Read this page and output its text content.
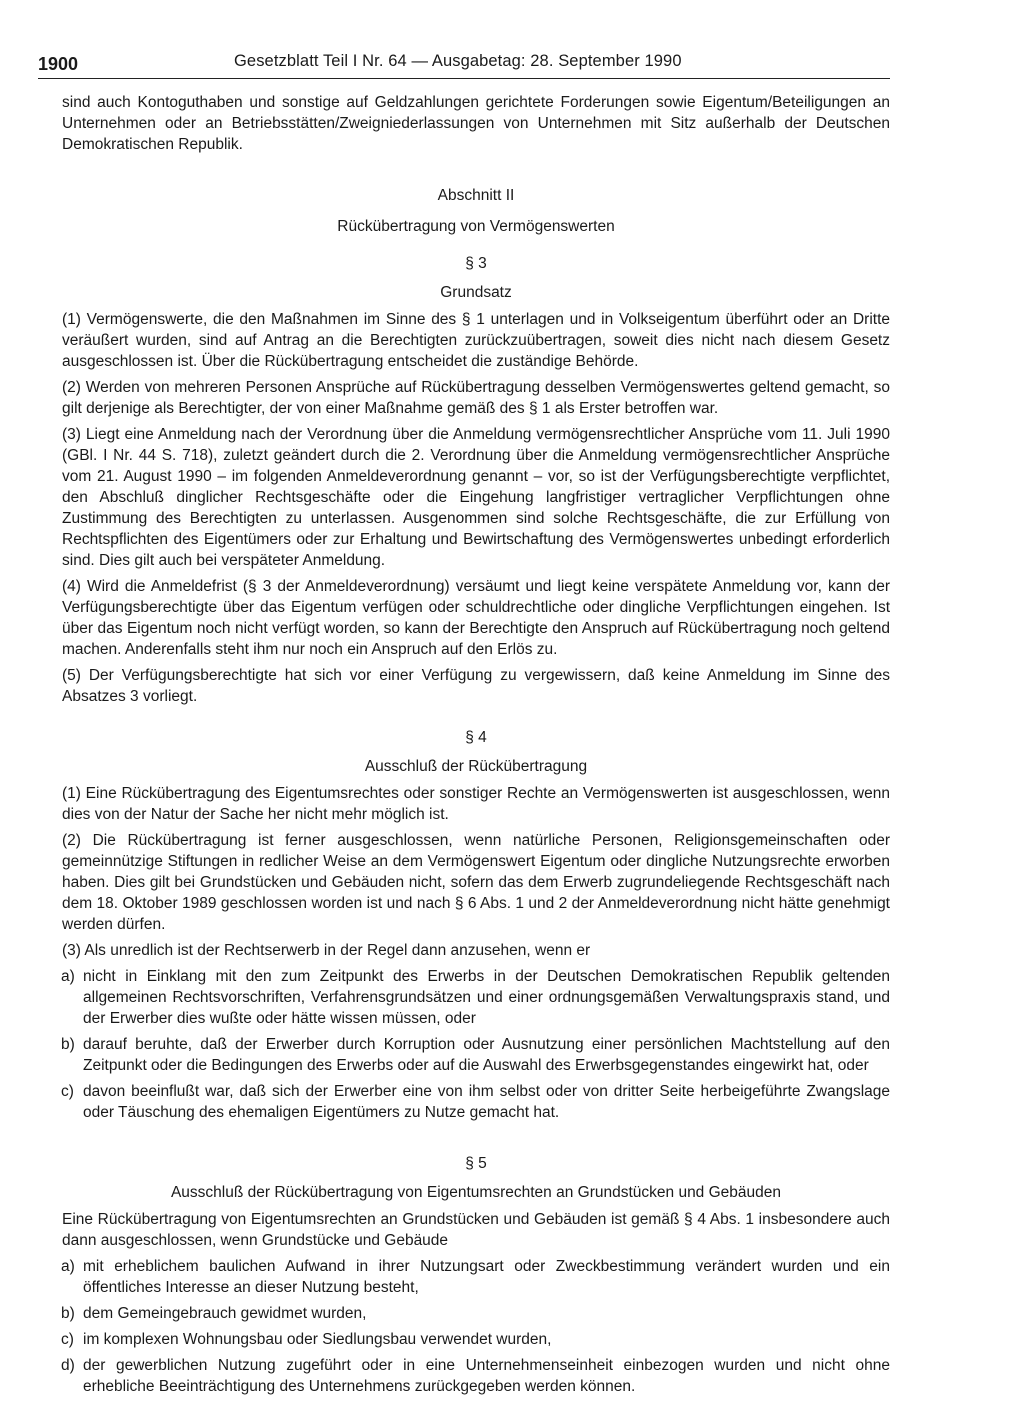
1900	Gesetzblatt Teil I Nr. 64 — Ausgabetag: 28. September 1990

sind auch Kontoguthaben und sonstige auf Geldzahlungen gerichtete Forderungen sowie Eigentum/Beteiligungen an Unternehmen oder an Betriebsstätten/Zweigniederlassungen von Unternehmen mit Sitz außerhalb der Deutschen Demokratischen Republik.

Abschnitt II

Rückübertragung von Vermögenswerten

§ 3

Grundsatz

(1) Vermögenswerte, die den Maßnahmen im Sinne des § 1 unterlagen und in Volkseigentum überführt oder an Dritte veräußert wurden, sind auf Antrag an die Berechtigten zurückzuübertragen, soweit dies nicht nach diesem Gesetz ausgeschlossen ist. Über die Rückübertragung entscheidet die zuständige Behörde.

(2) Werden von mehreren Personen Ansprüche auf Rückübertragung desselben Vermögenswertes geltend gemacht, so gilt derjenige als Berechtigter, der von einer Maßnahme gemäß des § 1 als Erster betroffen war.

(3) Liegt eine Anmeldung nach der Verordnung über die Anmeldung vermögensrechtlicher Ansprüche vom 11. Juli 1990 (GBl. I Nr. 44 S. 718), zuletzt geändert durch die 2. Verordnung über die Anmeldung vermögensrechtlicher Ansprüche vom 21. August 1990 – im folgenden Anmeldeverordnung genannt – vor, so ist der Verfügungsberechtigte verpflichtet, den Abschluß dinglicher Rechtsgeschäfte oder die Eingehung langfristiger vertraglicher Verpflichtungen ohne Zustimmung des Berechtigten zu unterlassen. Ausgenommen sind solche Rechtsgeschäfte, die zur Erfüllung von Rechtspflichten des Eigentümers oder zur Erhaltung und Bewirtschaftung des Vermögenswertes unbedingt erforderlich sind. Dies gilt auch bei verspäteter Anmeldung.

(4) Wird die Anmeldefrist (§ 3 der Anmeldeverordnung) versäumt und liegt keine verspätete Anmeldung vor, kann der Verfügungsberechtigte über das Eigentum verfügen oder schuldrechtliche oder dingliche Verpflichtungen eingehen. Ist über das Eigentum noch nicht verfügt worden, so kann der Berechtigte den Anspruch auf Rückübertragung noch geltend machen. Anderenfalls steht ihm nur noch ein Anspruch auf den Erlös zu.

(5) Der Verfügungsberechtigte hat sich vor einer Verfügung zu vergewissern, daß keine Anmeldung im Sinne des Absatzes 3 vorliegt.

§ 4

Ausschluß der Rückübertragung

(1) Eine Rückübertragung des Eigentumsrechtes oder sonstiger Rechte an Vermögenswerten ist ausgeschlossen, wenn dies von der Natur der Sache her nicht mehr möglich ist.

(2) Die Rückübertragung ist ferner ausgeschlossen, wenn natürliche Personen, Religionsgemeinschaften oder gemeinnützige Stiftungen in redlicher Weise an dem Vermögenswert Eigentum oder dingliche Nutzungsrechte erworben haben. Dies gilt bei Grundstücken und Gebäuden nicht, sofern das dem Erwerb zugrundeliegende Rechtsgeschäft nach dem 18. Oktober 1989 geschlossen worden ist und nach § 6 Abs. 1 und 2 der Anmeldeverordnung nicht hätte genehmigt werden dürfen.

(3) Als unredlich ist der Rechtserwerb in der Regel dann anzusehen, wenn er

a) nicht in Einklang mit den zum Zeitpunkt des Erwerbs in der Deutschen Demokratischen Republik geltenden allgemeinen Rechtsvorschriften, Verfahrensgrundsätzen und einer ordnungsgemäßen Verwaltungspraxis stand, und der Erwerber dies wußte oder hätte wissen müssen, oder
b) darauf beruhte, daß der Erwerber durch Korruption oder Ausnutzung einer persönlichen Machtstellung auf den Zeitpunkt oder die Bedingungen des Erwerbs oder auf die Auswahl des Erwerbsgegenstandes eingewirkt hat, oder
c) davon beeinflußt war, daß sich der Erwerber eine von ihm selbst oder von dritter Seite herbeigeführte Zwangslage oder Täuschung des ehemaligen Eigentümers zu Nutze gemacht hat.

§ 5

Ausschluß der Rückübertragung von Eigentumsrechten an Grundstücken und Gebäuden

Eine Rückübertragung von Eigentumsrechten an Grundstücken und Gebäuden ist gemäß § 4 Abs. 1 insbesondere auch dann ausgeschlossen, wenn Grundstücke und Gebäude

a) mit erheblichem baulichen Aufwand in ihrer Nutzungsart oder Zweckbestimmung verändert wurden und ein öffentliches Interesse an dieser Nutzung besteht,
b) dem Gemeingebrauch gewidmet wurden,
c) im komplexen Wohnungsbau oder Siedlungsbau verwendet wurden,
d) der gewerblichen Nutzung zugeführt oder in eine Unternehmenseinheit einbezogen wurden und nicht ohne erhebliche Beeinträchtigung des Unternehmens zurückgegeben werden können.
